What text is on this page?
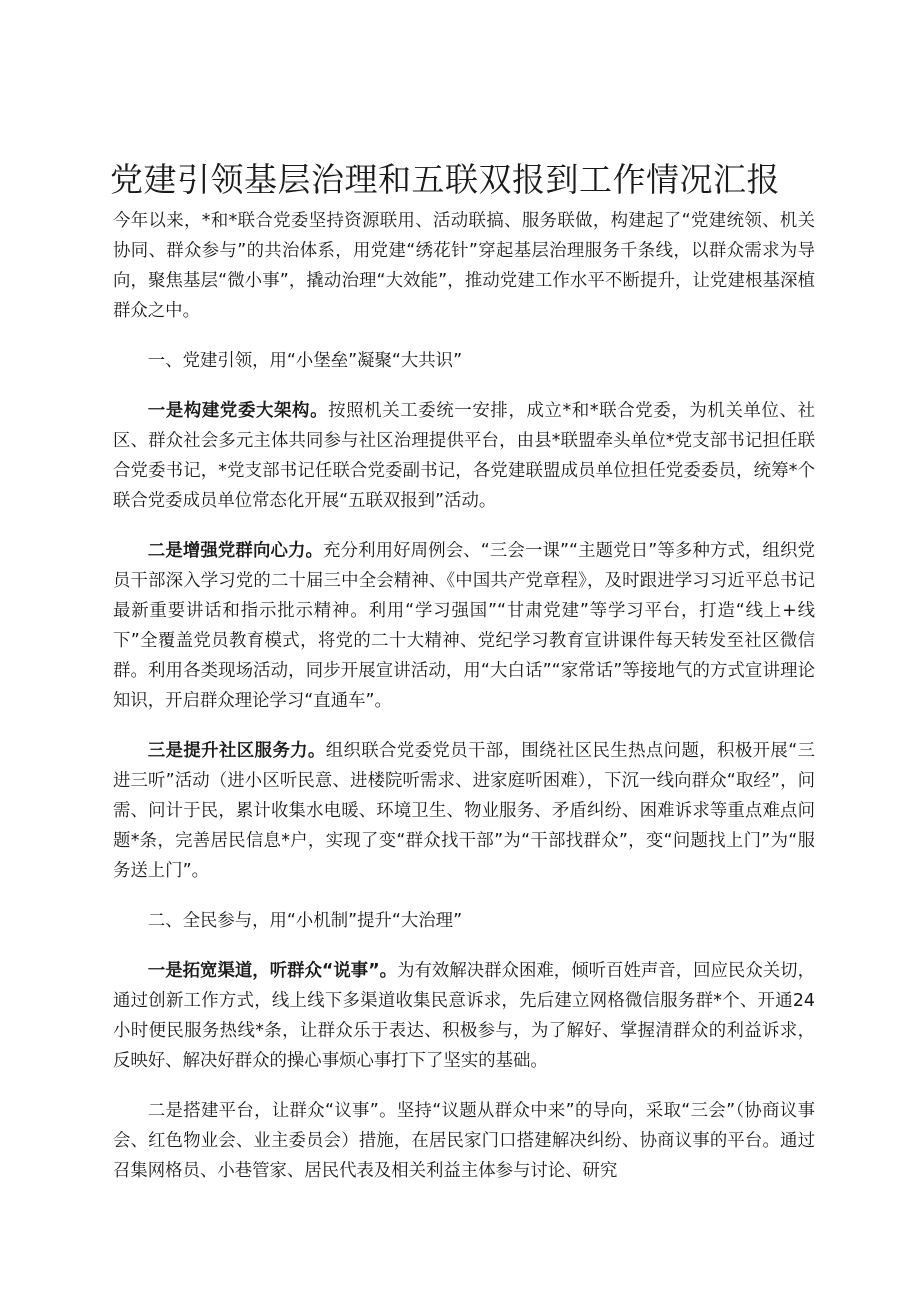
党建引领基层治理和五联双报到工作情况汇报

今年以来，*和*联合党委坚持资源联用、活动联搞、服务联做，构建起了“党建统领、机关协同、群众参与”的共治体系，用党建“绣花针”穿起基层治理服务千条线，以群众需求为导向，聚焦基层“微小事”，撬动治理“大效能”，推动党建工作水平不断提升，让党建根基深植群众之中。

一、党建引领，用“小堡垒”凝聚“大共识”

一是构建党委大架构。按照机关工委统一安排，成立*和*联合党委，为机关单位、社区、群众社会多元主体共同参与社区治理提供平台，由县*联盟牵头单位*党支部书记担任联合党委书记，*党支部书记任联合党委副书记，各党建联盟成员单位担任党委委员，统筹*个联合党委成员单位常态化开展“五联双报到”活动。

二是增强党群向心力。充分利用好周例会、“三会一课”“主题党日”等多种方式，组织党员干部深入学习党的二十届三中全会精神、《中国共产党章程》，及时跟进学习习近平总书记最新重要讲话和指示批示精神。利用“学习强国”“甘肃党建”等学习平台，打造“线上+线下”全覆盖党员教育模式，将党的二十大精神、党纪学习教育宣讲课件每天转发至社区微信群。利用各类现场活动，同步开展宣讲活动，用“大白话”“家常话”等接地气的方式宣讲理论知识，开启群众理论学习“直通车”。

三是提升社区服务力。组织联合党委党员干部，围绕社区民生热点问题，积极开展“三进三听”活动（进小区听民意、进楼院听需求、进家庭听困难），下沉一线向群众“取经”，问需、问计于民，累计收集水电暖、环境卫生、物业服务、矛盾纠纷、困难诉求等重点难点问题*条，完善居民信息*户，实现了变“群众找干部”为“干部找群众”，变“问题找上门”为“服务送上门”。

二、全民参与，用“小机制”提升“大治理”

一是拓宽渠道，听群众“说事”。为有效解决群众困难，倾听百姓声音，回应民众关切，通过创新工作方式，线上线下多渠道收集民意诉求，先后建立网格微信服务群*个、开通24小时便民服务热线*条，让群众乐于表达、积极参与，为了解好、掌握清群众的利益诉求，反映好、解决好群众的操心事烦心事打下了坚实的基础。

二是搭建平台，让群众“议事”。坚持“议题从群众中来”的导向，采取“三会”（协商议事会、红色物业会、业主委员会）措施，在居民家门口搭建解决纠纷、协商议事的平台。通过召集网格员、小巷管家、居民代表及相关利益主体参与讨论、研究
